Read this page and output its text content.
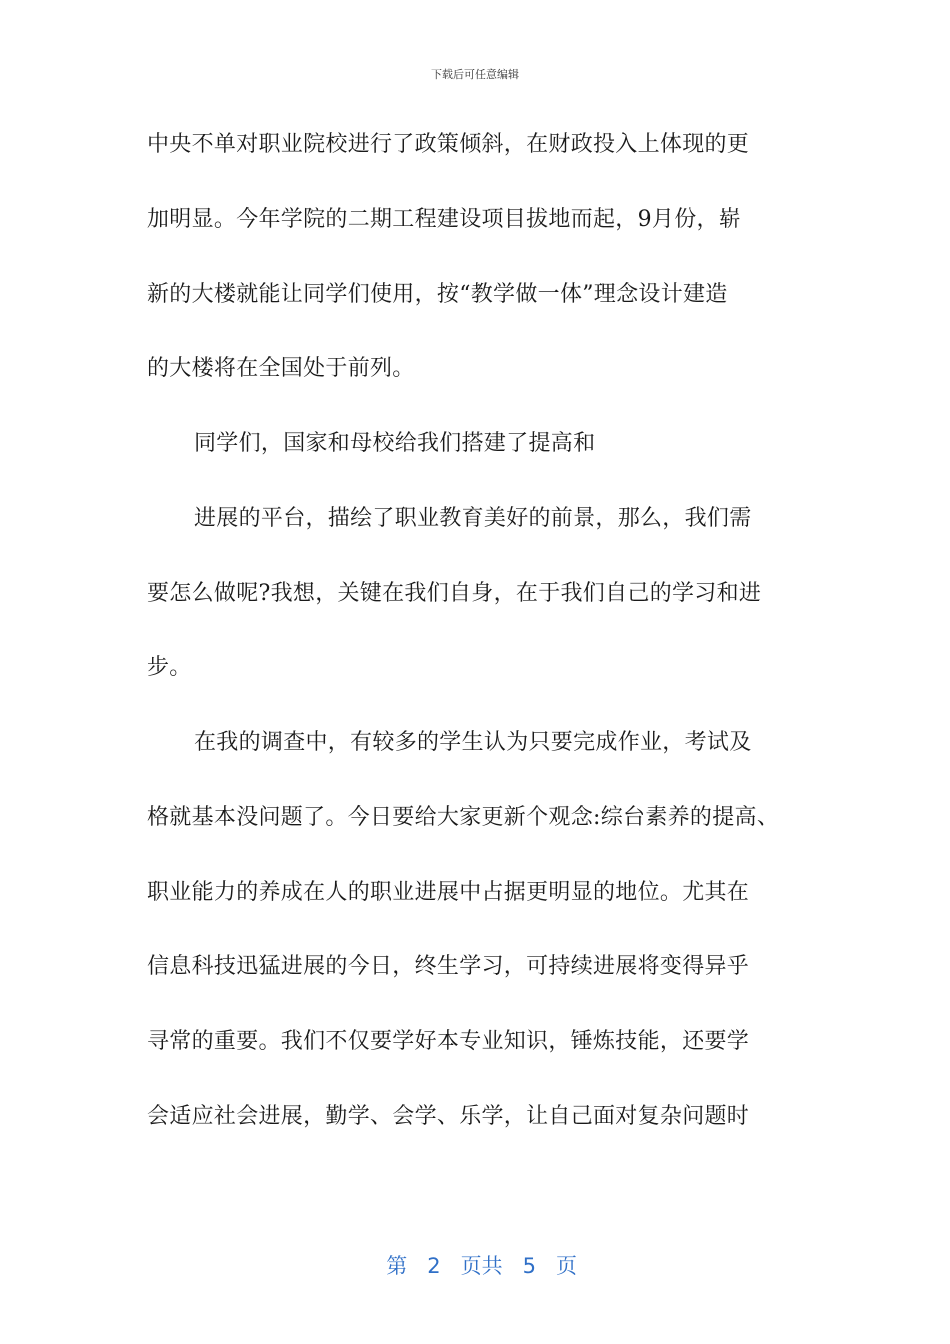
下载后可任意编辑
中央不单对职业院校进行了政策倾斜，在财政投入上体现的更
加明显。今年学院的二期工程建设项目拔地而起，9月份，崭
新的大楼就能让同学们使用，按“教学做一体”理念设计建造
的大楼将在全国处于前列。
同学们，国家和母校给我们搭建了提高和
进展的平台，描绘了职业教育美好的前景，那么，我们需
要怎么做呢?我想，关键在我们自身，在于我们自己的学习和进
步。
在我的调查中，有较多的学生认为只要完成作业，考试及
格就基本没问题了。今日要给大家更新个观念:综台素养的提高、
职业能力的养成在人的职业进展中占据更明显的地位。尤其在
信息科技迅猛进展的今日，终生学习，可持续进展将变得异乎
寻常的重要。我们不仅要学好本专业知识，锤炼技能，还要学
会适应社会进展，勤学、会学、乐学，让自己面对复杂问题时

第 2 页共 5 页
